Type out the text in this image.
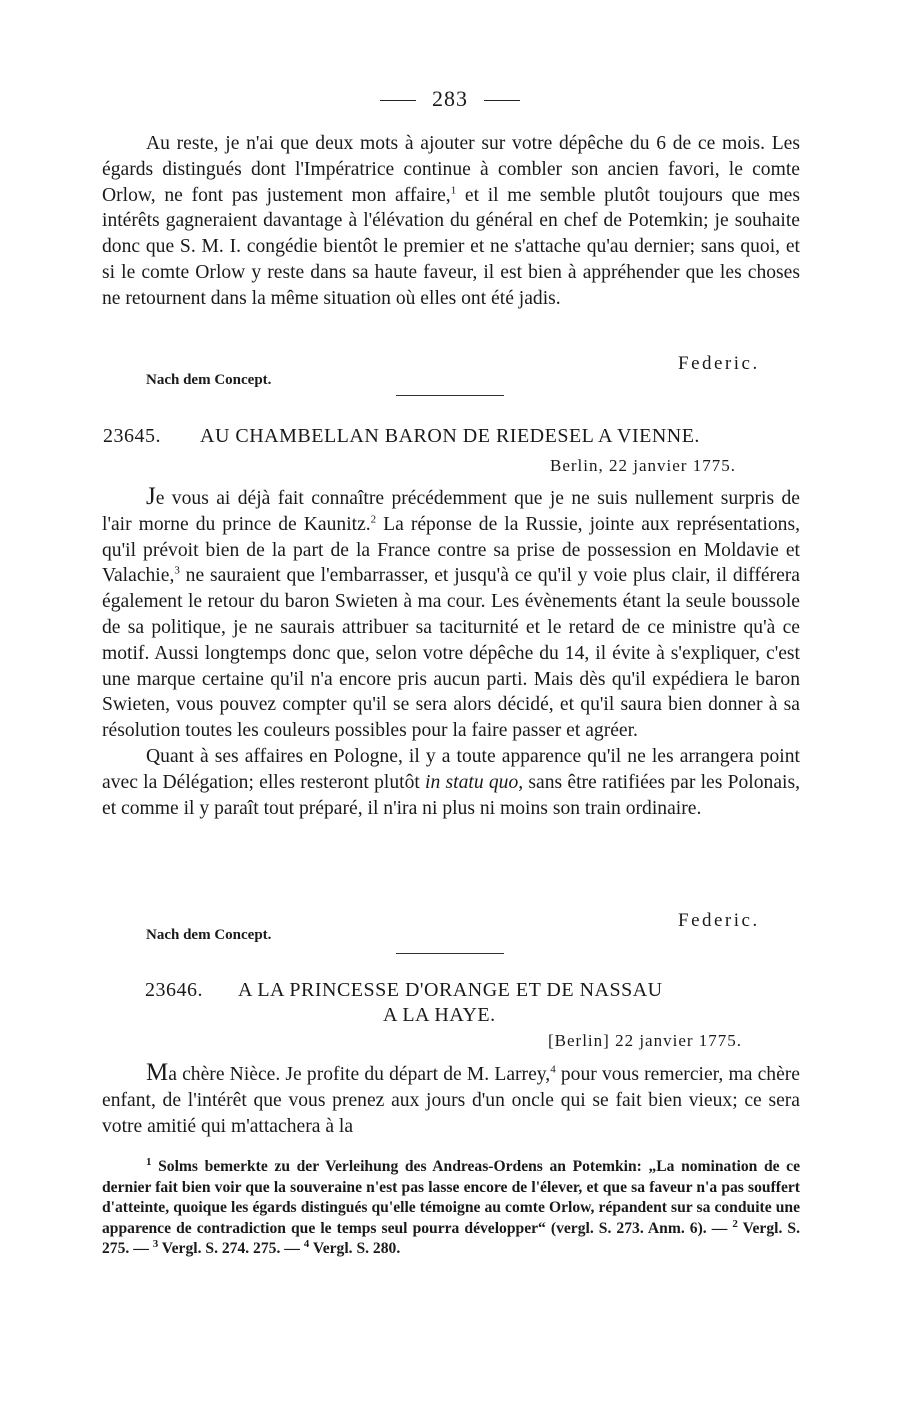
283

Au reste, je n'ai que deux mots à ajouter sur votre dépêche du 6 de ce mois. Les égards distingués dont l'Impératrice continue à combler son ancien favori, le comte Orlow, ne font pas justement mon affaire,$^1$ et il me semble plutôt toujours que mes intérêts gagneraient davantage à l'élévation du général en chef de Potemkin; je souhaite donc que S. M. I. congédie bientôt le premier et ne s'attache qu'au dernier; sans quoi, et si le comte Orlow y reste dans sa haute faveur, il est bien à appréhender que les choses ne retournent dans la même situation où elles ont été jadis.

Federic.
Nach dem Concept.
23645. AU CHAMBELLAN BARON DE RIEDESEL A VIENNE.
Berlin, 22 janvier 1775.

Je vous ai déjà fait connaître précédemment que je ne suis nullement surpris de l'air morne du prince de Kaunitz.$^2$ La réponse de la Russie, jointe aux représentations, qu'il prévoit bien de la part de la France contre sa prise de possession en Moldavie et Valachie,$^3$ ne sauraient que l'embarrasser, et jusqu'à ce qu'il y voie plus clair, il différera également le retour du baron Swieten à ma cour. Les évènements étant la seule boussole de sa politique, je ne saurais attribuer sa taciturnité et le retard de ce ministre qu'à ce motif. Aussi longtemps donc que, selon votre dépêche du 14, il évite à s'expliquer, c'est une marque certaine qu'il n'a encore pris aucun parti. Mais dès qu'il expédiera le baron Swieten, vous pouvez compter qu'il se sera alors décidé, et qu'il saura bien donner à sa résolution toutes les couleurs possibles pour la faire passer et agréer.

Quant à ses affaires en Pologne, il y a toute apparence qu'il ne les arrangera point avec la Délégation; elles resteront plutôt in statu quo, sans être ratifiées par les Polonais, et comme il y paraît tout préparé, il n'ira ni plus ni moins son train ordinaire.

Federic.
Nach dem Concept.
23646. A LA PRINCESSE D'ORANGE ET DE NASSAU
A LA HAYE.
[Berlin] 22 janvier 1775.

Ma chère Nièce. Je profite du départ de M. Larrey,$^4$ pour vous remercier, ma chère enfant, de l'intérêt que vous prenez aux jours d'un oncle qui se fait bien vieux; ce sera votre amitié qui m'attachera à la

$^1$ Solms bemerkte zu der Verleihung des Andreas-Ordens an Potemkin: „La nomination de ce dernier fait bien voir que la souveraine n'est pas lasse encore de l'élever, et que sa faveur n'a pas souffert d'atteinte, quoique les égards distingués qu'elle témoigne au comte Orlow, répandent sur sa conduite une apparence de contradiction que le temps seul pourra développer“ (vergl. S. 273. Anm. 6). — $^2$ Vergl. S. 275. — $^3$ Vergl. S. 274. 275. — $^4$ Vergl. S. 280.
